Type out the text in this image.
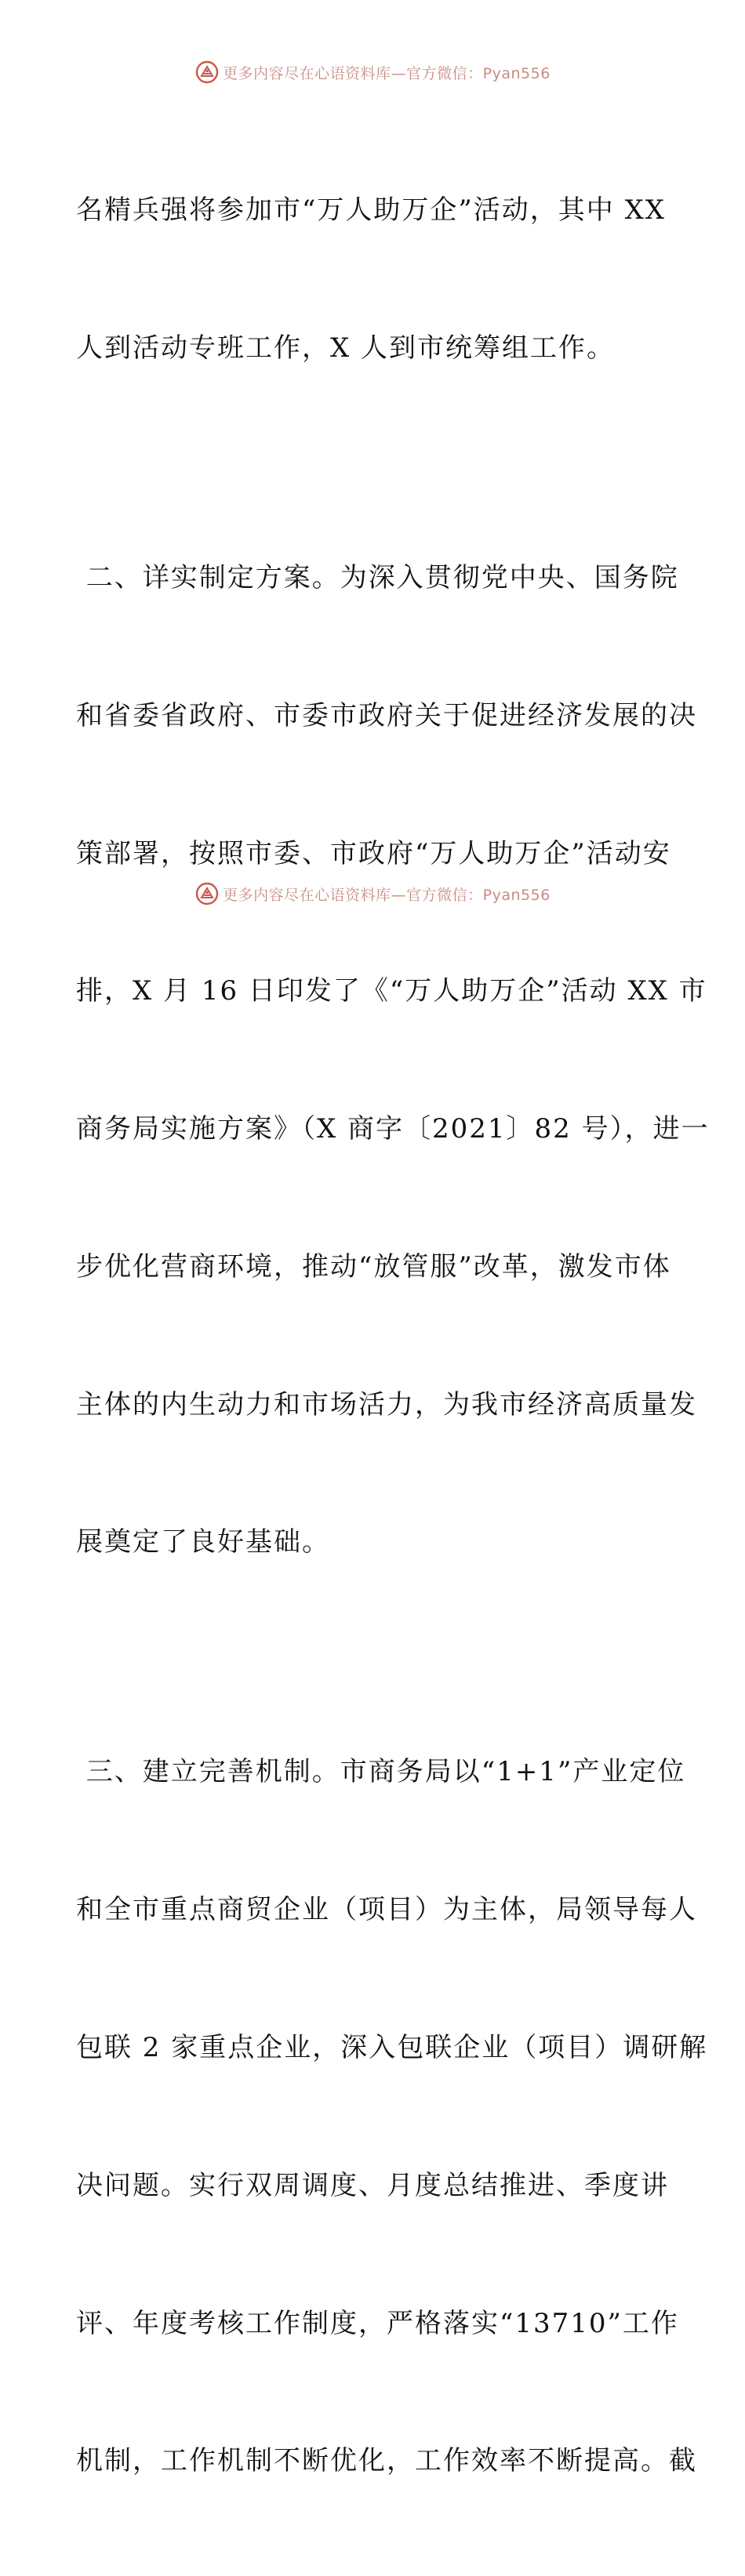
更多内容尽在心语资料库—官方微信：Pyan556

名精兵强将参加市“万人助万企”活动，其中 XX

人到活动专班工作，X 人到市统筹组工作。

二、详实制定方案。为深入贯彻党中央、国务院

和省委省政府、市委市政府关于促进经济发展的决

策部署，按照市委、市政府“万人助万企”活动安

排，X 月 16 日印发了《“万人助万企”活动 XX 市

商务局实施方案》（X 商字〔2021〕82 号），进一

步优化营商环境，推动“放管服”改革，激发市体

主体的内生动力和市场活力，为我市经济高质量发

展奠定了良好基础。

三、建立完善机制。市商务局以“1+1”产业定位

和全市重点商贸企业（项目）为主体，局领导每人

包联 2 家重点企业，深入包联企业（项目）调研解

决问题。实行双周调度、月度总结推进、季度讲

评、年度考核工作制度，严格落实“13710”工作

机制，工作机制不断优化，工作效率不断提高。截

更多内容尽在心语资料库—官方微信：Pyan556
